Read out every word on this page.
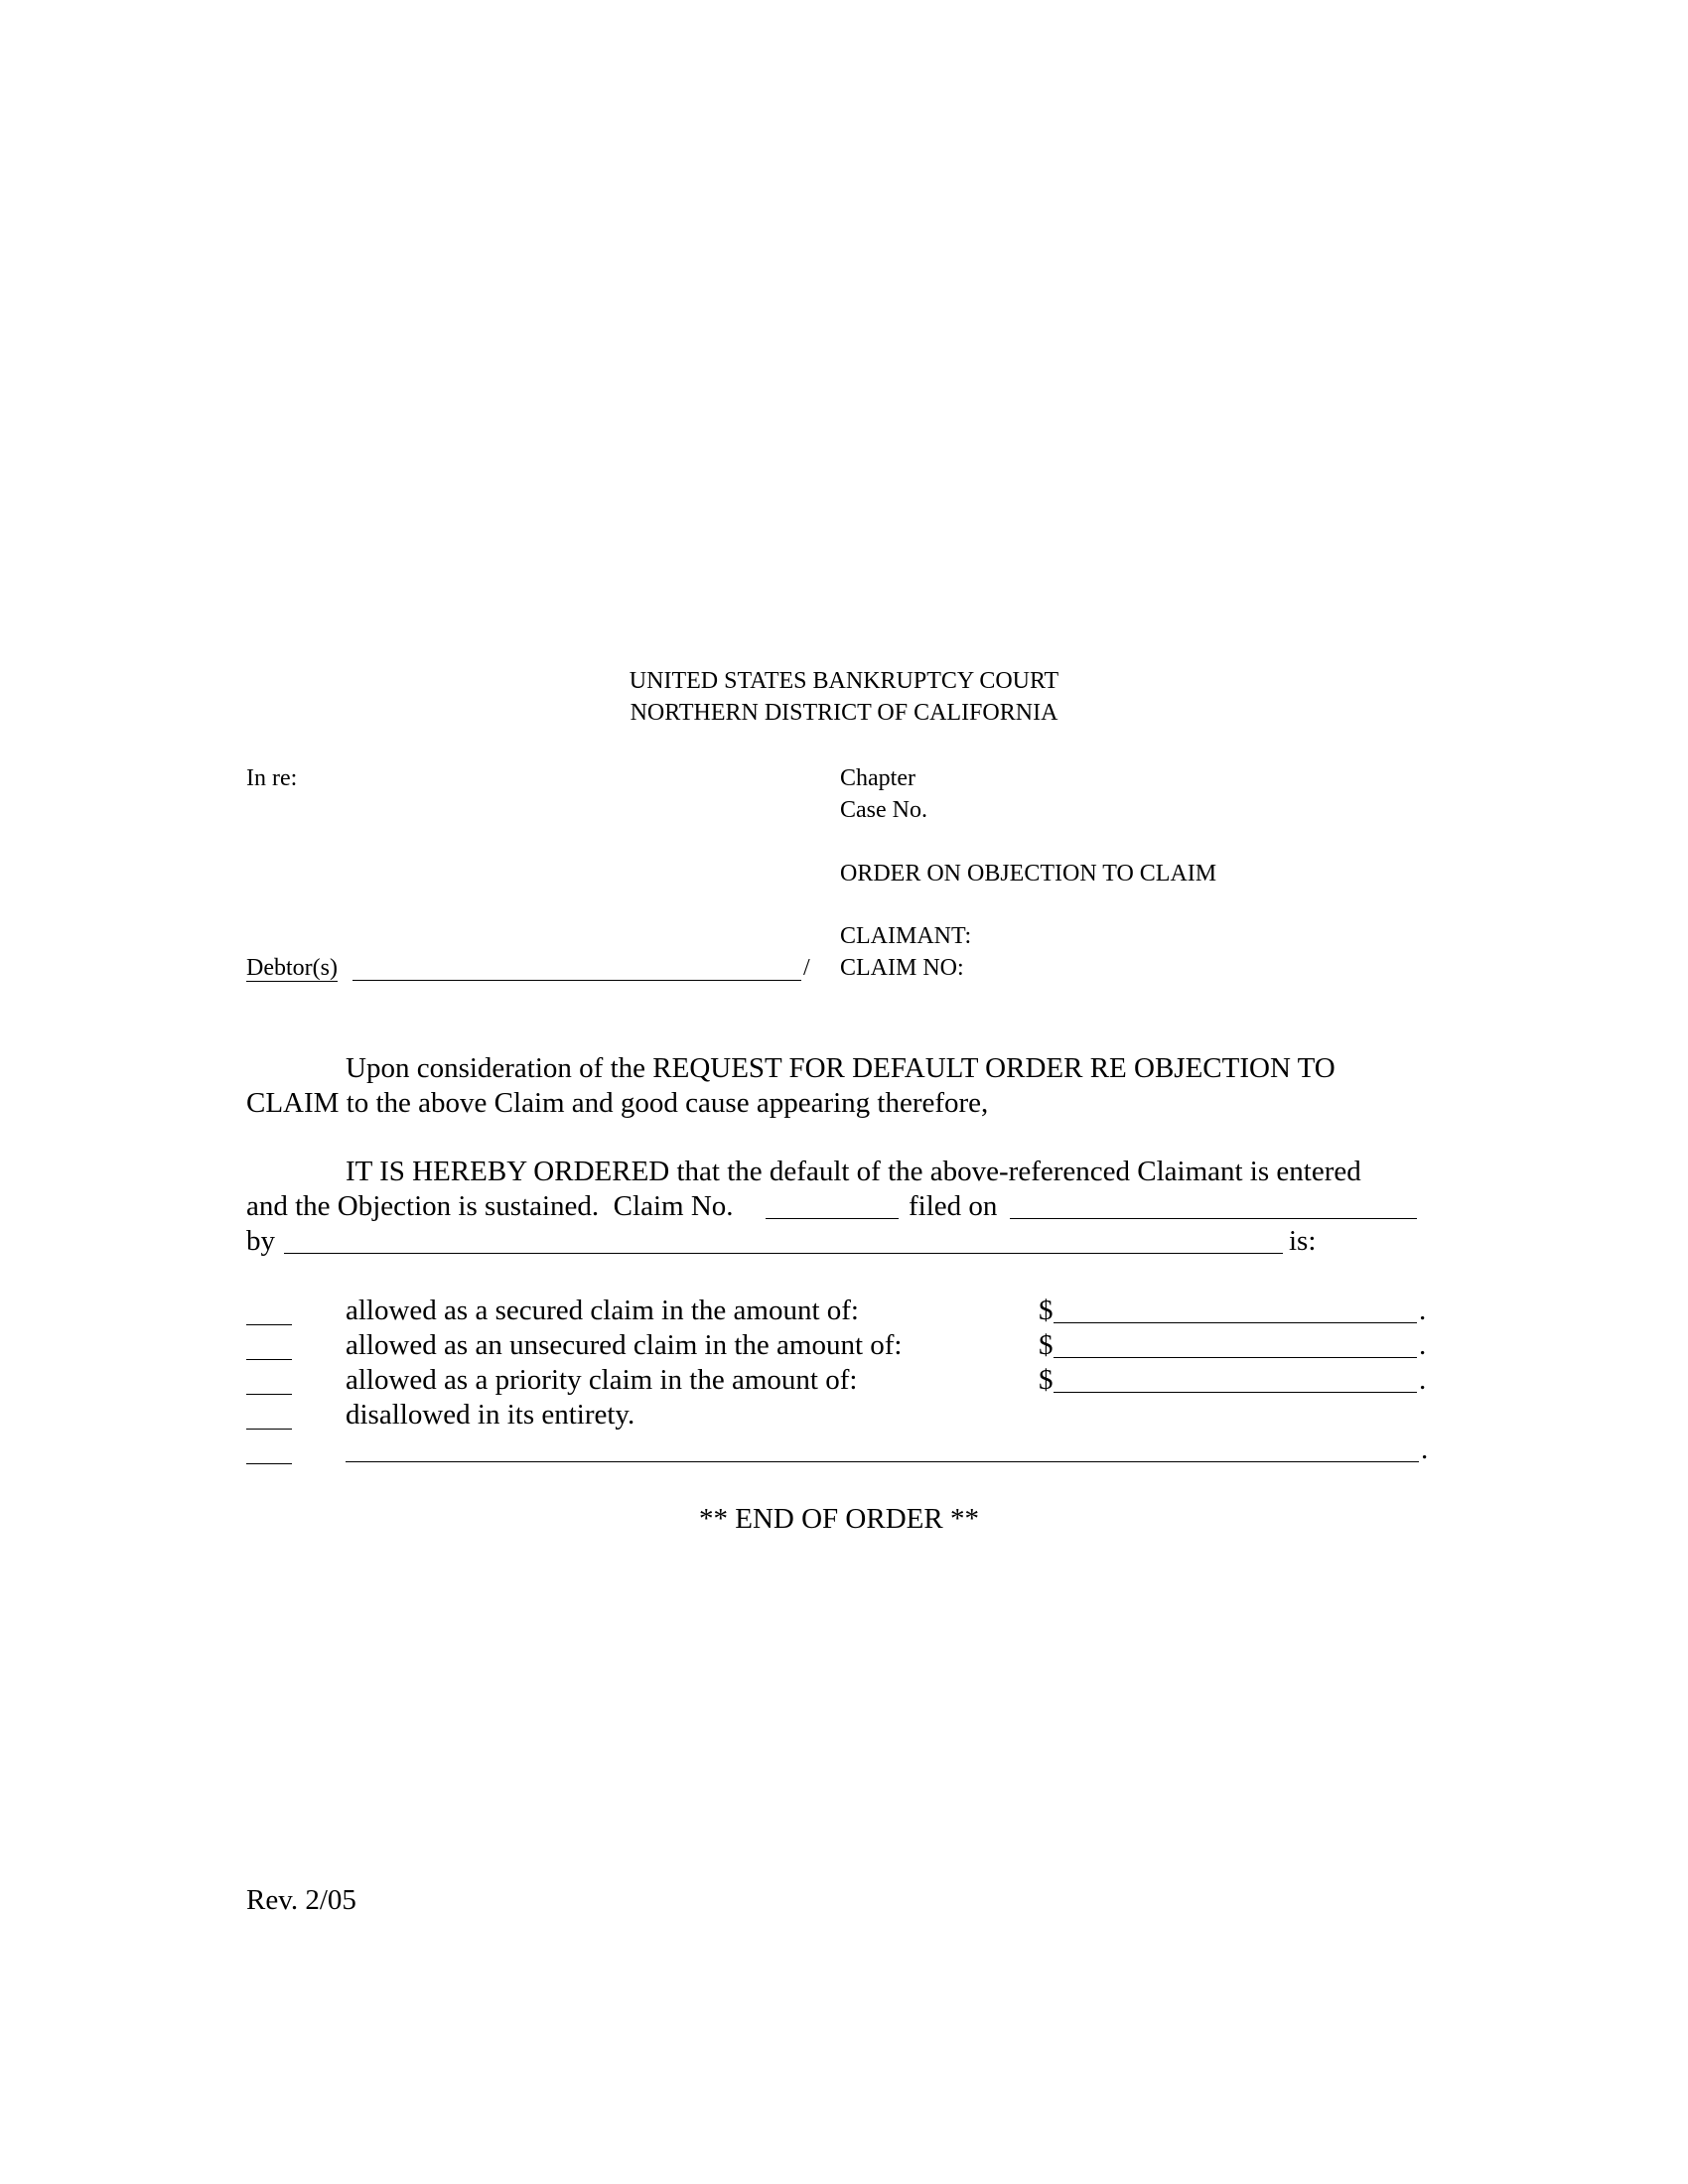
UNITED STATES BANKRUPTCY COURT
NORTHERN DISTRICT OF CALIFORNIA
In re:
Debtor(s)	/
Chapter
Case No.
ORDER ON OBJECTION TO CLAIM
CLAIMANT:
CLAIM NO:
Upon consideration of the REQUEST FOR DEFAULT ORDER RE OBJECTION TO
CLAIM to the above Claim and good cause appearing therefore,
IT IS HEREBY ORDERED that the default of the above-referenced Claimant is entered
and the Objection is sustained.  Claim No.	filed on
by	is:
allowed as a secured claim in the amount of:	$	.
allowed as an unsecured claim in the amount of:	$	.
allowed as a priority claim in the amount of:	$	.
disallowed in its entirety.
.
** END OF ORDER **
Rev. 2/05
